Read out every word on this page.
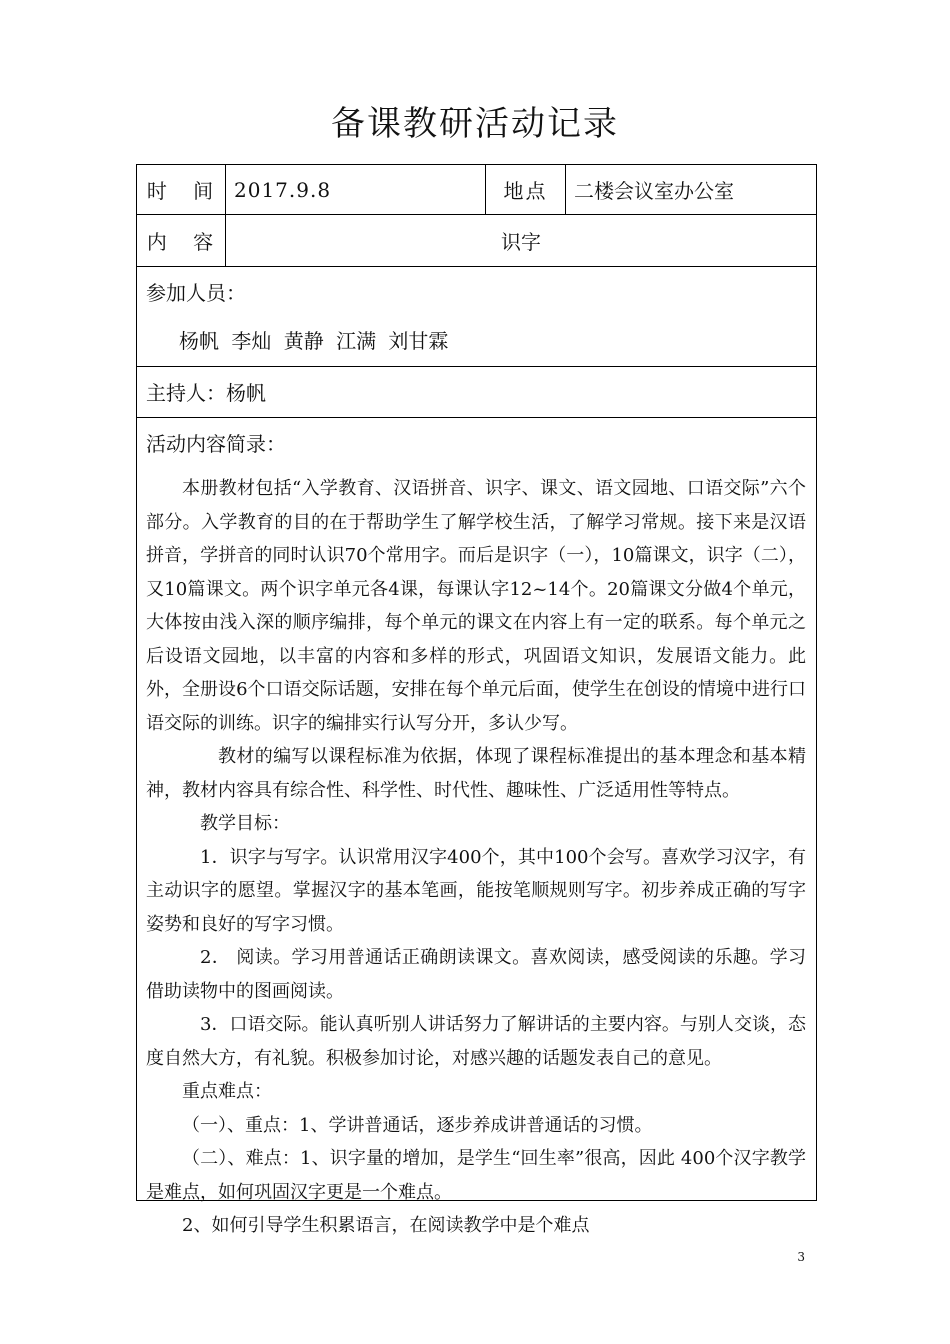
备课教研活动记录
时 间 2017.9.8	地点	二楼会议室办公室
内 容	识字
参加人员：
杨帆 李灿 黄静 江满 刘甘霖
主持人：杨帆
活动内容简录：

本册教材包括“入学教育、汉语拼音、识字、课文、语文园地、口语交际”六个部分。入学教育的目的在于帮助学生了解学校生活，了解学习常规。接下来是汉语拼音，学拼音的同时认识70个常用字。而后是识字（一），10篇课文，识字（二），又10篇课文。两个识字单元各4课，每课认字12~14个。20篇课文分做4个单元，大体按由浅入深的顺序编排，每个单元的课文在内容上有一定的联系。每个单元之后设语文园地，以丰富的内容和多样的形式，巩固语文知识，发展语文能力。此外，全册设6个口语交际话题，安排在每个单元后面，使学生在创设的情境中进行口语交际的训练。识字的编排实行认写分开，多认少写。

教材的编写以课程标准为依据，体现了课程标准提出的基本理念和基本精神，教材内容具有综合性、科学性、时代性、趣味性、广泛适用性等特点。

教学目标：

1．识字与写字。认识常用汉字400个，其中100个会写。喜欢学习汉字，有主动识字的愿望。掌握汉字的基本笔画，能按笔顺规则写字。初步养成正确的写字姿势和良好的写字习惯。

2． 阅读。学习用普通话正确朗读课文。喜欢阅读，感受阅读的乐趣。学习借助读物中的图画阅读。

3．口语交际。能认真听别人讲话努力了解讲话的主要内容。与别人交谈，态度自然大方，有礼貌。积极参加讨论，对感兴趣的话题发表自己的意见。

重点难点：

（一）、重点：1、学讲普通话，逐步养成讲普通话的习惯。

（二）、难点：1、识字量的增加，是学生“回生率”很高，因此 400个汉字教学是难点，如何巩固汉字更是一个难点。

2、如何引导学生积累语言，在阅读教学中是个难点

3
